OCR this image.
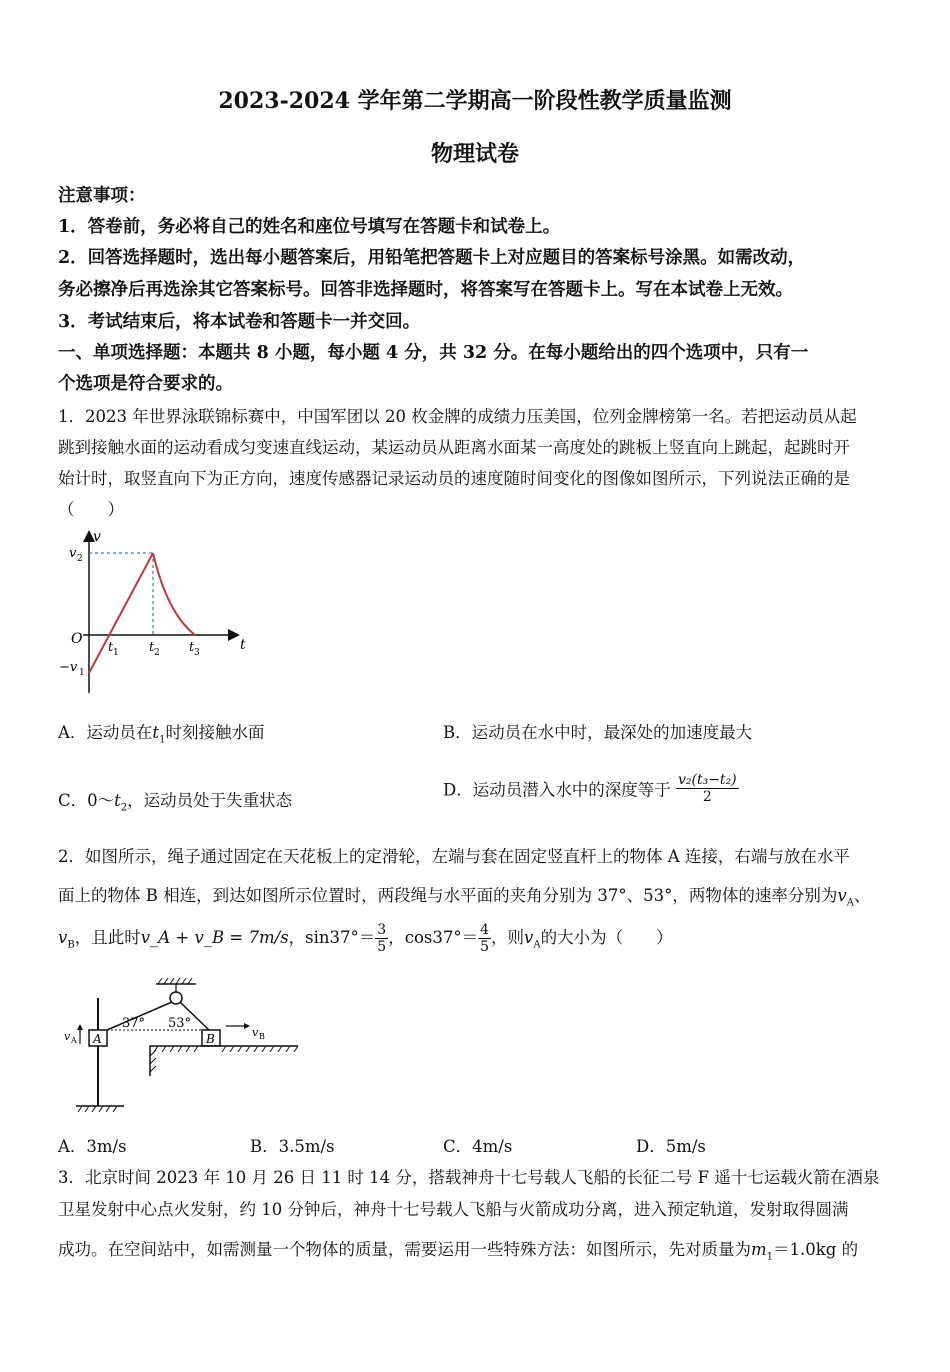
2023-2024 学年第二学期高一阶段性教学质量监测
物理试卷
注意事项：
1．答卷前，务必将自己的姓名和座位号填写在答题卡和试卷上。
2．回答选择题时，选出每小题答案后，用铅笔把答题卡上对应题目的答案标号涂黑。如需改动，
务必擦净后再选涂其它答案标号。回答非选择题时，将答案写在答题卡上。写在本试卷上无效。
3．考试结束后，将本试卷和答题卡一并交回。
一、单项选择题：本题共 8 小题，每小题 4 分，共 32 分。在每小题给出的四个选项中，只有一
个选项是符合要求的。
1．2023 年世界泳联锦标赛中，中国军团以 20 枚金牌的成绩力压美国，位列金牌榜第一名。若把运动员从起
跳到接触水面的运动看成匀变速直线运动，某运动员从距离水面某一高度处的跳板上竖直向上跳起，起跳时开
始计时，取竖直向下为正方向，速度传感器记录运动员的速度随时间变化的图像如图所示，下列说法正确的是
（　　）
v
t
O
v 2
−v 1
t 1 t 2 t 3
A．运动员在$t_1$时刻接触水面	B．运动员在水中时，最深处的加速度最大
C．$0\sim t_2$，运动员处于失重状态
D．运动员潜入水中的深度等于 $\frac{\text{v₂(t₃−t₂)}}{2}$
2．如图所示，绳子通过固定在天花板上的定滑轮，左端与套在固定竖直杆上的物体 A 连接，右端与放在水平
面上的物体 B 相连，到达如图所示位置时，两段绳与水平面的夹角分别为 37°、53°，两物体的速率分别为$v_A$、
$v_B$，且此时v_A + v_B = 7m/s，$\sin 37^\circ= \frac{3}{5}$ ，$\cos 37^\circ= \frac{4}{5}$ ，则$v_A$的大小为（　　）
A
v A
37° 53°
B	v B
A．3m/s	B．3.5m/s	C．4m/s	D．5m/s
3．北京时间 2023 年 10 月 26 日 11 时 14 分，搭载神舟十七号载人飞船的长征二号 F 遥十七运载火箭在酒泉
卫星发射中心点火发射，约 10 分钟后，神舟十七号载人飞船与火箭成功分离，进入预定轨道，发射取得圆满
成功。在空间站中，如需测量一个物体的质量，需要运用一些特殊方法：如图所示，先对质量为$m_1=1.0kg$ 的
